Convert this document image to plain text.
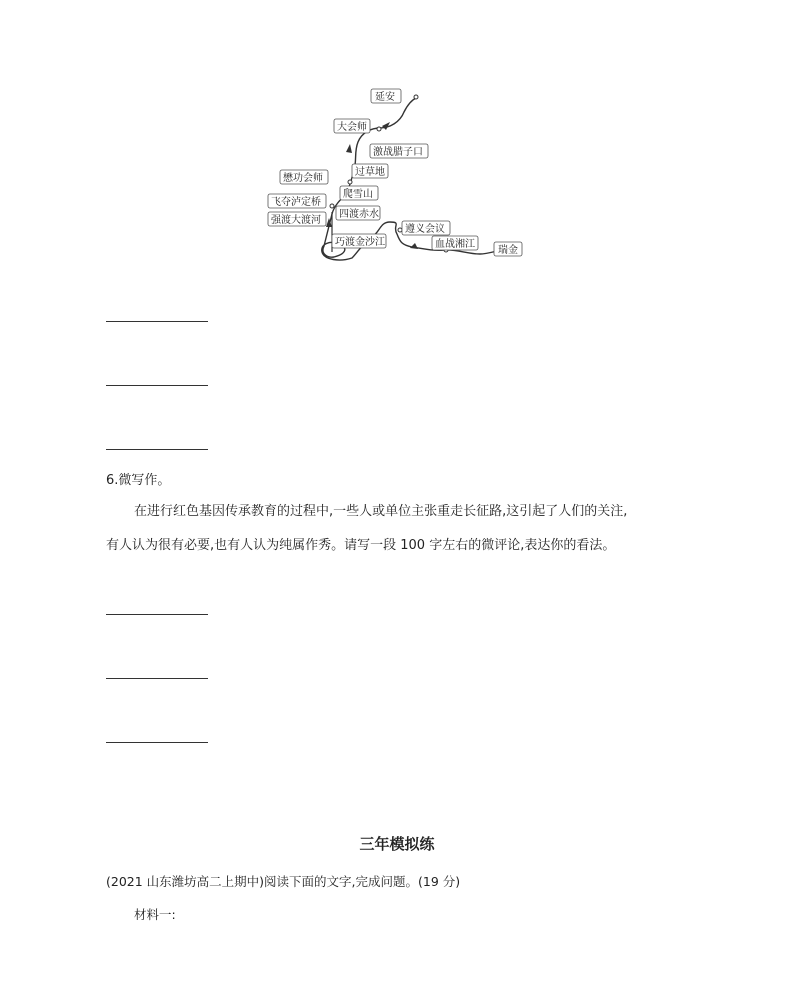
延安
大会师
激战腊子口
过草地
懋功会师
爬雪山
飞夺泸定桥
四渡赤水
强渡大渡河
巧渡金沙江
遵义会议
血战湘江
瑞金
6.微写作。
在进行红色基因传承教育的过程中,一些人或单位主张重走长征路,这引起了人们的关注,
有人认为很有必要,也有人认为纯属作秀。请写一段 100 字左右的微评论,表达你的看法。
三年模拟练
(2021 山东潍坊高二上期中)阅读下面的文字,完成问题。(19 分)
材料一:
